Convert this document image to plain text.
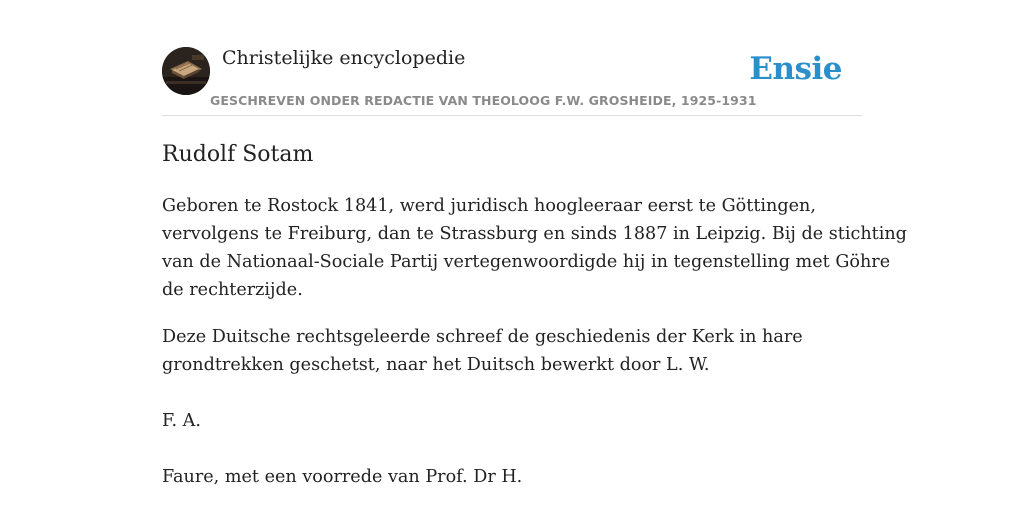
Christelijke encyclopedie
GESCHREVEN ONDER REDACTIE VAN THEOLOOG F.W. GROSHEIDE, 1925-1931
Ensie
Rudolf Sotam

Geboren te Rostock 1841, werd juridisch hoogleeraar eerst te Göttingen,
vervolgens te Freiburg, dan te Strassburg en sinds 1887 in Leipzig. Bij de stichting
van de Nationaal-Sociale Partij vertegenwoordigde hij in tegenstelling met Göhre
de rechterzijde.

Deze Duitsche rechtsgeleerde schreef de geschiedenis der Kerk in hare
grondtrekken geschetst, naar het Duitsch bewerkt door L. W.

F. A.

Faure, met een voorrede van Prof. Dr H.
